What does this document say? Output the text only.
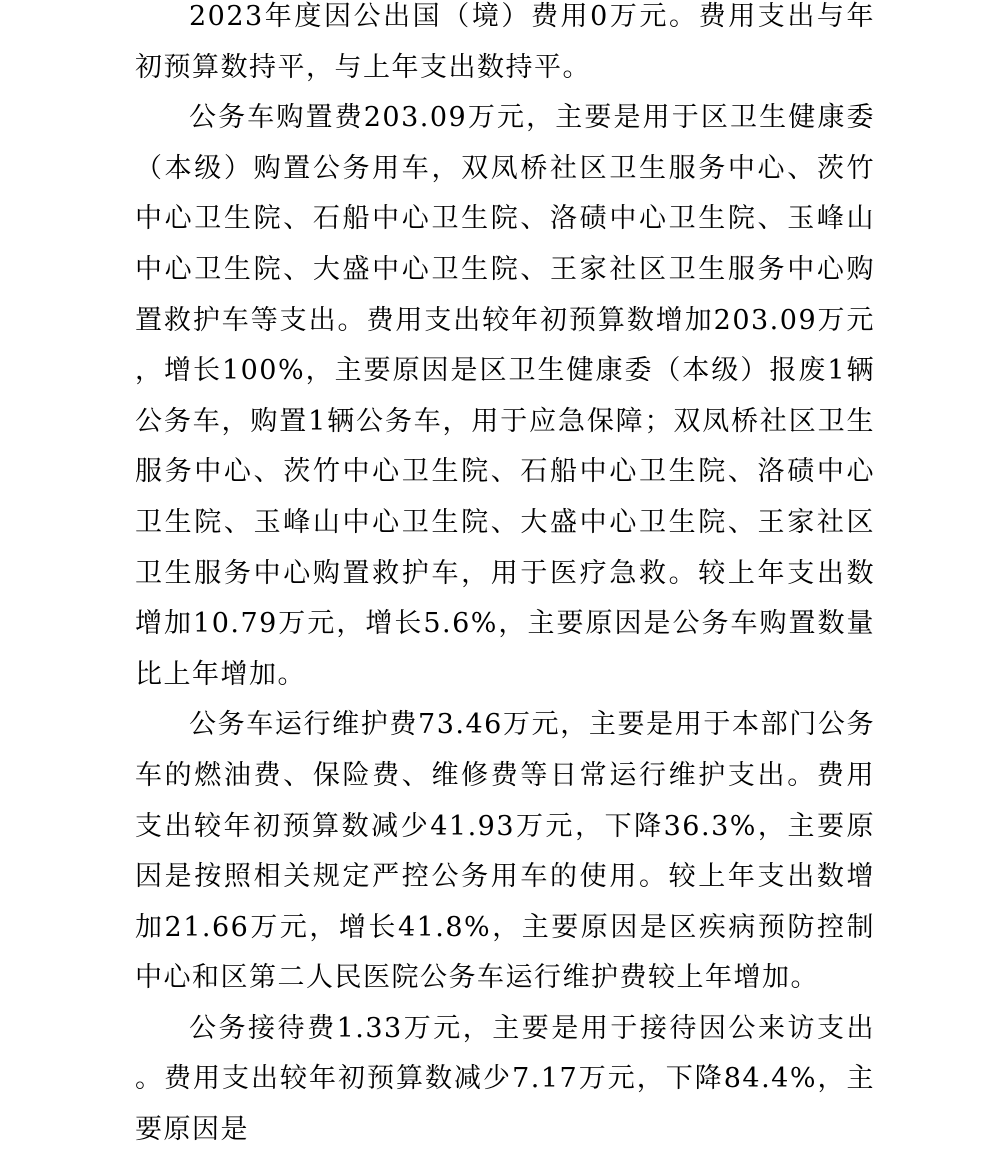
2023年度因公出国（境）费用0万元。费用支出与年初预算数持平，与上年支出数持平。

公务车购置费203.09万元，主要是用于区卫生健康委（本级）购置公务用车，双凤桥社区卫生服务中心、茨竹中心卫生院、石船中心卫生院、洛碛中心卫生院、玉峰山中心卫生院、大盛中心卫生院、王家社区卫生服务中心购置救护车等支出。费用支出较年初预算数增加203.09万元，增长100%，主要原因是区卫生健康委（本级）报废1辆公务车，购置1辆公务车，用于应急保障；双凤桥社区卫生服务中心、茨竹中心卫生院、石船中心卫生院、洛碛中心卫生院、玉峰山中心卫生院、大盛中心卫生院、王家社区卫生服务中心购置救护车，用于医疗急救。较上年支出数增加10.79万元，增长5.6%，主要原因是公务车购置数量比上年增加。

公务车运行维护费73.46万元，主要是用于本部门公务车的燃油费、保险费、维修费等日常运行维护支出。费用支出较年初预算数减少41.93万元，下降36.3%，主要原因是按照相关规定严控公务用车的使用。较上年支出数增加21.66万元，增长41.8%，主要原因是区疾病预防控制中心和区第二人民医院公务车运行维护费较上年增加。

公务接待费1.33万元，主要是用于接待因公来访支出。费用支出较年初预算数减少7.17万元，下降84.4%，主要原因是
